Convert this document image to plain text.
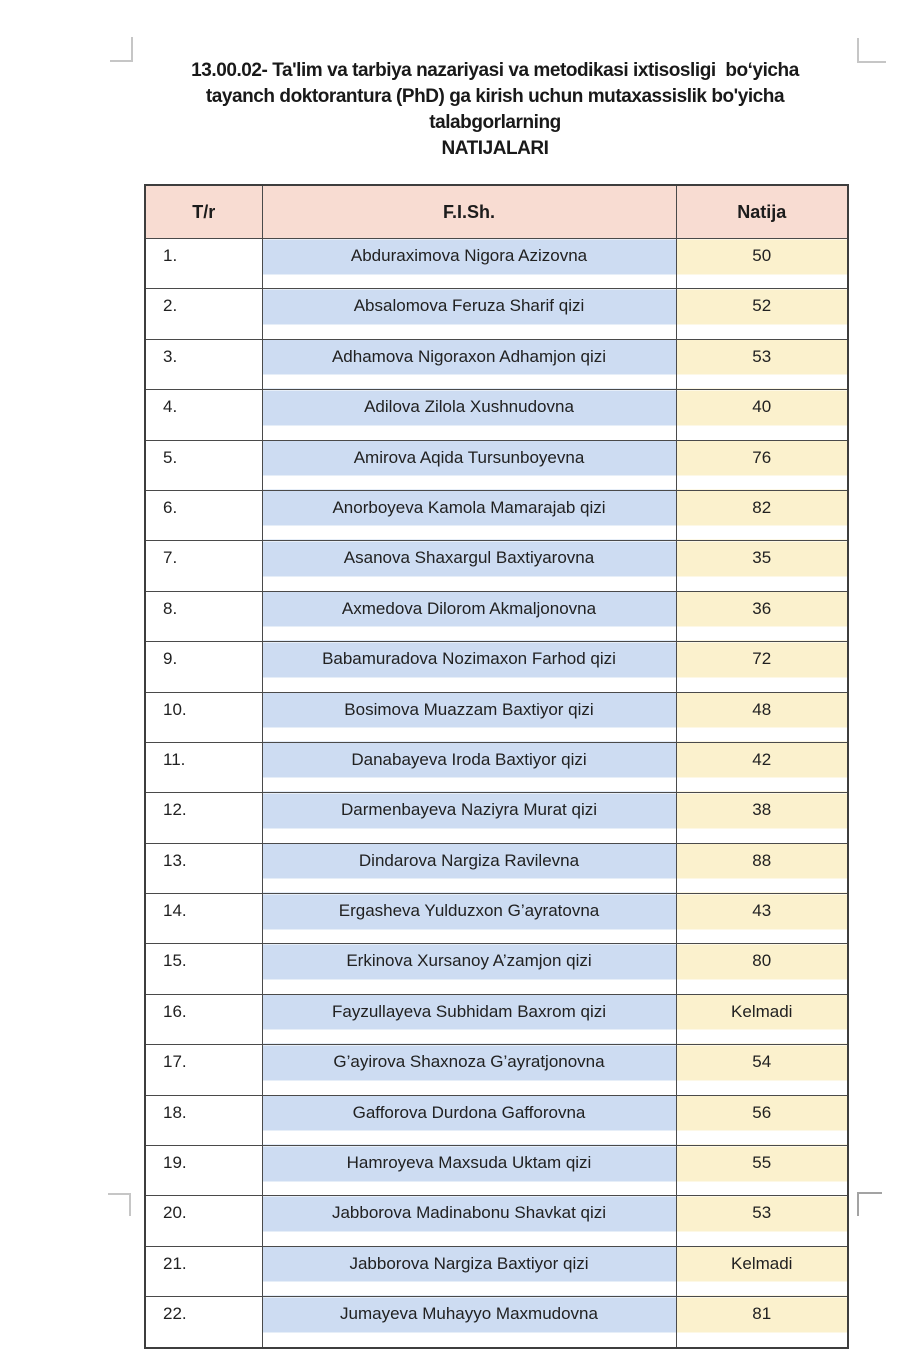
13.00.02- Ta'lim va tarbiya nazariyasi va metodikasi ixtisosligi  boʻyicha
tayanch doktorantura (PhD) ga kirish uchun mutaxassislik bo'yicha
talabgorlarning
NATIJALARI
T/r	F.I.Sh.	Natija
1.	Abduraximova Nigora Azizovna	50
2.	Absalomova Feruza Sharif qizi	52
3.	Adhamova Nigoraxon Adhamjon qizi	53
4.	Adilova Zilola Xushnudovna	40
5.	Amirova Aqida Tursunboyevna	76
6.	Anorboyeva Kamola Mamarajab qizi	82
7.	Asanova Shaxargul Baxtiyarovna	35
8.	Axmedova Dilorom Akmaljonovna	36
9.	Babamuradova Nozimaxon Farhod qizi	72
10.	Bosimova Muazzam Baxtiyor qizi	48
11.	Danabayeva Iroda Baxtiyor qizi	42
12.	Darmenbayeva Naziyra Murat qizi	38
13.	Dindarova Nargiza Ravilevna	88
14.	Ergasheva Yulduzxon G’ayratovna	43
15.	Erkinova Xursanoy A’zamjon qizi	80
16.	Fayzullayeva Subhidam Baxrom qizi	Kelmadi
17.	G’ayirova Shaxnoza G’ayratjonovna	54
18.	Gafforova Durdona Gafforovna	56
19.	Hamroyeva Maxsuda Uktam qizi	55
20.	Jabborova Madinabonu Shavkat qizi	53
21.	Jabborova Nargiza Baxtiyor qizi	Kelmadi
22.	Jumayeva Muhayyo Maxmudovna	81
